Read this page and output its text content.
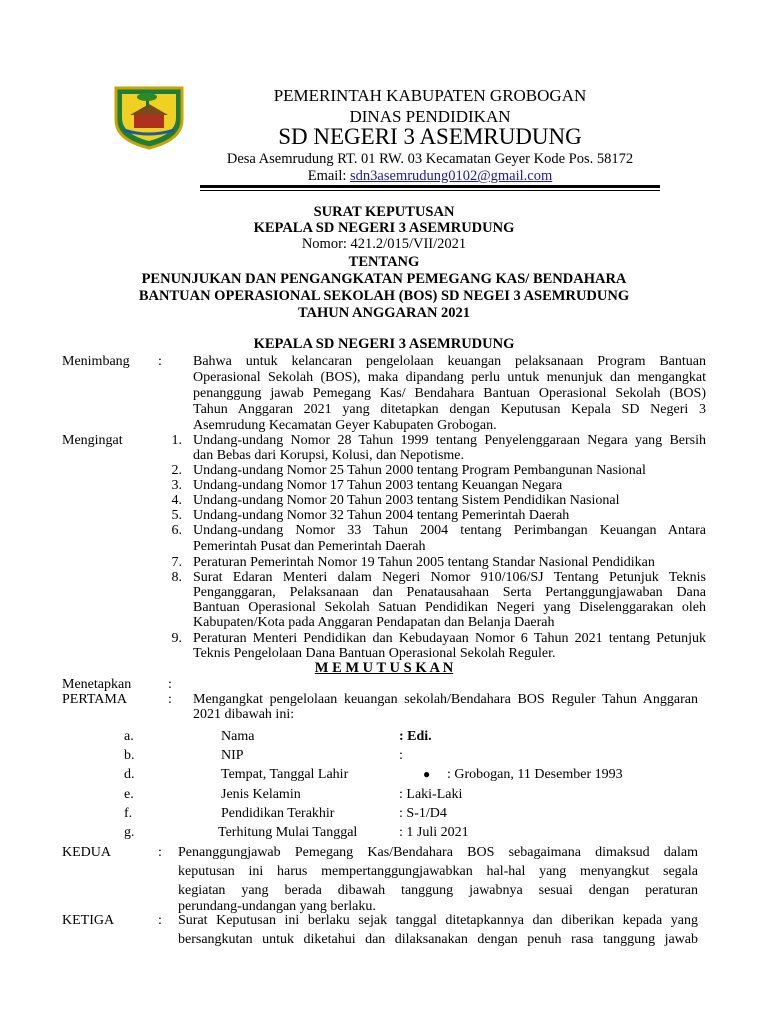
PEMERINTAH KABUPATEN GROBOGAN
DINAS PENDIDIKAN
SD NEGERI 3 ASEMRUDUNG
Desa Asemrudung RT. 01 RW. 03 Kecamatan Geyer Kode Pos. 58172
Email: sdn3asemrudung0102@gmail.com
SURAT KEPUTUSAN
KEPALA SD NEGERI 3 ASEMRUDUNG
Nomor: 421.2/015/VII/2021
TENTANG
PENUNJUKAN DAN PENGANGKATAN PEMEGANG KAS/ BENDAHARA
BANTUAN OPERASIONAL SEKOLAH (BOS) SD NEGEI 3 ASEMRUDUNG
TAHUN ANGGARAN 2021
KEPALA SD NEGERI 3 ASEMRUDUNG
Menimbang : Bahwa untuk kelancaran pengelolaan keuangan pelaksanaan Program Bantuan
Operasional Sekolah (BOS), maka dipandang perlu untuk menunjuk dan mengangkat
penanggung jawab Pemegang Kas/ Bendahara Bantuan Operasional Sekolah (BOS)
Tahun Anggaran 2021 yang ditetapkan dengan Keputusan Kepala SD Negeri 3
Asemrudung Kecamatan Geyer Kabupaten Grobogan.
Mengingat	1. Undang-undang Nomor 28 Tahun 1999 tentang Penyelenggaraan Negara yang Bersih
dan Bebas dari Korupsi, Kolusi, dan Nepotisme.
2. Undang-undang Nomor 25 Tahun 2000 tentang Program Pembangunan Nasional
3. Undang-undang Nomor 17 Tahun 2003 tentang Keuangan Negara
4. Undang-undang Nomor 20 Tahun 2003 tentang Sistem Pendidikan Nasional
5. Undang-undang Nomor 32 Tahun 2004 tentang Pemerintah Daerah
6. Undang-undang Nomor 33 Tahun 2004 tentang Perimbangan Keuangan Antara
Pemerintah Pusat dan Pemerintah Daerah
7. Peraturan Pemerintah Nomor 19 Tahun 2005 tentang Standar Nasional Pendidikan
8. Surat Edaran Menteri dalam Negeri Nomor 910/106/SJ Tentang Petunjuk Teknis
Penganggaran, Pelaksanaan dan Penatausahaan Serta Pertanggungjawaban Dana
Bantuan Operasional Sekolah Satuan Pendidikan Negeri yang Diselenggarakan oleh
Kabupaten/Kota pada Anggaran Pendapatan dan Belanja Daerah
9. Peraturan Menteri Pendidikan dan Kebudayaan Nomor 6 Tahun 2021 tentang Petunjuk
Teknis Pengelolaan Dana Bantuan Operasional Sekolah Reguler.
M E M U T U S K A N
Menetapkan	:
PERTAMA	: Mengangkat pengelolaan keuangan sekolah/Bendahara BOS Reguler Tahun Anggaran
2021 dibawah ini:
a.	Nama	: Edi.
b.	NIP	:
d.	Tempat, Tanggal Lahir	● : Grobogan, 11 Desember 1993
e.	Jenis Kelamin	: Laki-Laki
f.	Pendidikan Terakhir	: S-1/D4
g.	Terhitung Mulai Tanggal	: 1 Juli 2021
KEDUA	: Penanggungjawab Pemegang Kas/Bendahara BOS sebagaimana dimaksud dalam
keputusan ini harus mempertanggungjawabkan hal-hal yang menyangkut segala
kegiatan yang berada dibawah tanggung jawabnya sesuai dengan peraturan
perundang-undangan yang berlaku.
KETIGA	: Surat Keputusan ini berlaku sejak tanggal ditetapkannya dan diberikan kepada yang
bersangkutan untuk diketahui dan dilaksanakan dengan penuh rasa tanggung jawab
